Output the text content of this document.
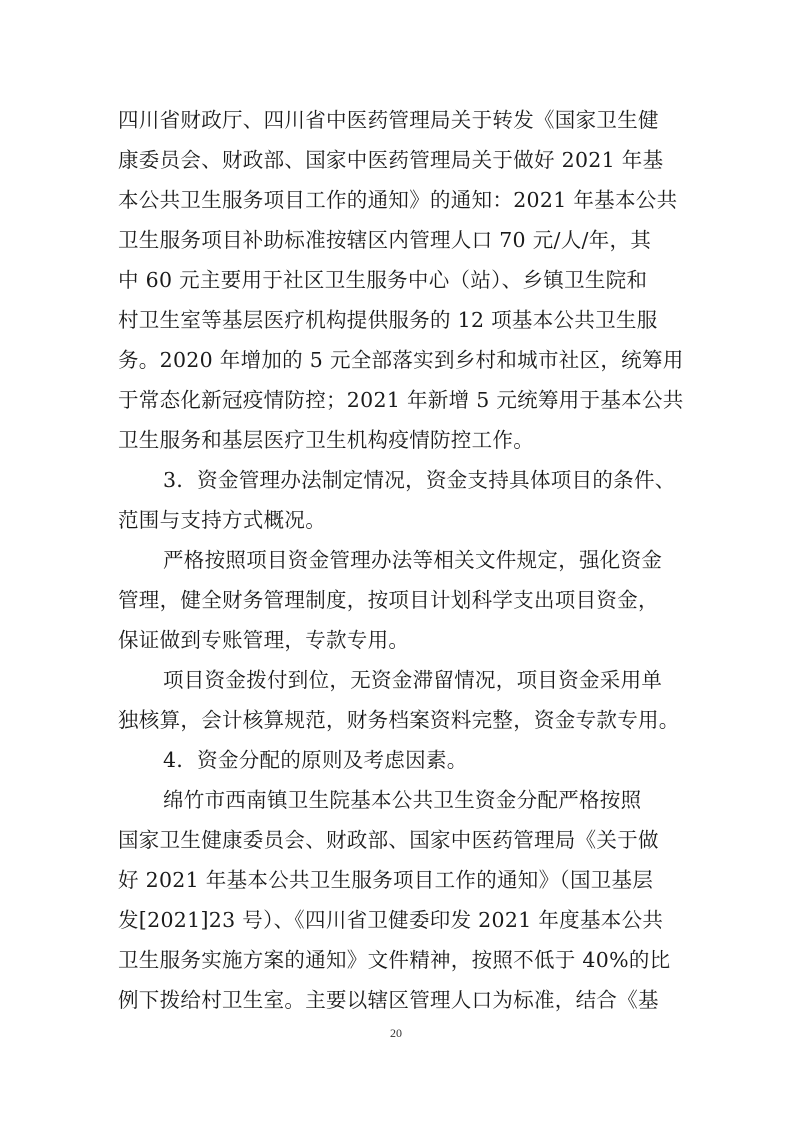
四川省财政厅、四川省中医药管理局关于转发《国家卫生健
康委员会、财政部、国家中医药管理局关于做好 2021 年基
本公共卫生服务项目工作的通知》的通知：2021 年基本公共
卫生服务项目补助标准按辖区内管理人口 70 元/人/年，其
中 60 元主要用于社区卫生服务中心（站）、乡镇卫生院和
村卫生室等基层医疗机构提供服务的 12 项基本公共卫生服
务。2020 年增加的 5 元全部落实到乡村和城市社区，统筹用
于常态化新冠疫情防控；2021 年新增 5 元统筹用于基本公共
卫生服务和基层医疗卫生机构疫情防控工作。
3．资金管理办法制定情况，资金支持具体项目的条件、
范围与支持方式概况。
严格按照项目资金管理办法等相关文件规定，强化资金
管理，健全财务管理制度，按项目计划科学支出项目资金，
保证做到专账管理，专款专用。
项目资金拨付到位，无资金滞留情况，项目资金采用单
独核算，会计核算规范，财务档案资料完整，资金专款专用。
4．资金分配的原则及考虑因素。
绵竹市西南镇卫生院基本公共卫生资金分配严格按照
国家卫生健康委员会、财政部、国家中医药管理局《关于做
好 2021 年基本公共卫生服务项目工作的通知》（国卫基层
发[2021]23 号）、《四川省卫健委印发 2021 年度基本公共
卫生服务实施方案的通知》文件精神，按照不低于 40%的比
例下拨给村卫生室。主要以辖区管理人口为标准，结合《基
20
